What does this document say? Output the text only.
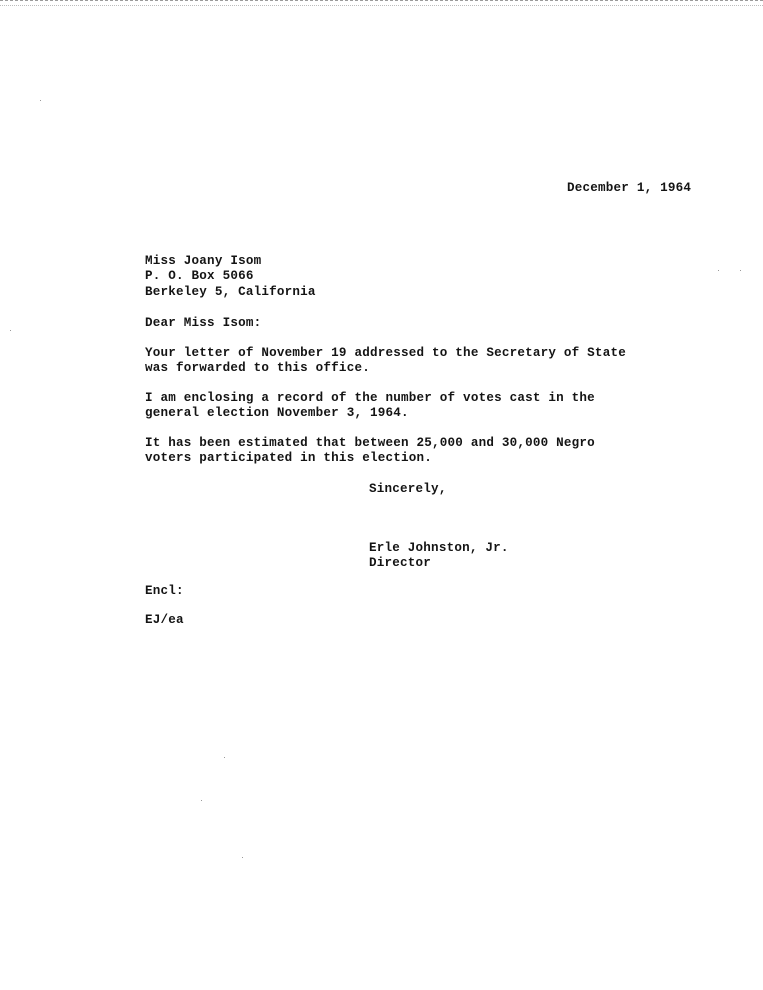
December 1, 1964
Miss Joany Isom
P. O. Box 5066
Berkeley 5, California
Dear Miss Isom:
Your letter of November 19 addressed to the Secretary of State
was forwarded to this office.
I am enclosing a record of the number of votes cast in the
general election November 3, 1964.
It has been estimated that between 25,000 and 30,000 Negro
voters participated in this election.
Sincerely,
Erle Johnston, Jr.
Director
Encl:
EJ/ea
